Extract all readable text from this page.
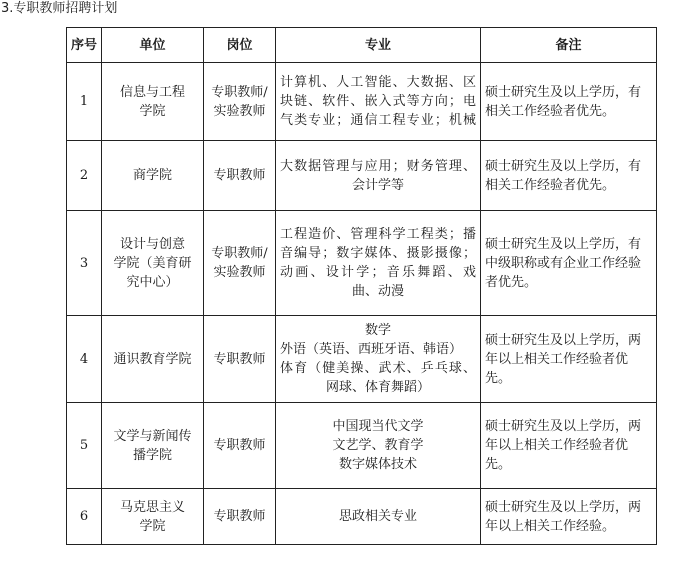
3.专职教师招聘计划
序号	单位	岗位	专业	备注
1	信息与工程
学院	专职教师/
实验教师	计算机、人工智能、大数据、区
块链、软件、嵌入式等方向；电
气类专业；通信工程专业；机械	硕士研究生及以上学历，有
相关工作经验者优先。

2	商学院	专职教师	大数据管理与应用；财务管理、
会计学等	硕士研究生及以上学历，有
相关工作经验者优先。

3	设计与创意
学院（美育研
究中心）	专职教师/
实验教师	工程造价、管理科学工程类；播
音编导；数字媒体、摄影摄像；
动画、设计学；音乐舞蹈、戏
曲、动漫	硕士研究生及以上学历，有
中级职称或有企业工作经验
者优先。

4	通识教育学院	专职教师	数学
外语（英语、西班牙语、韩语）
体育（健美操、武术、乒乓球、
网球、体育舞蹈）	硕士研究生及以上学历，两
年以上相关工作经验者优
先。

5	文学与新闻传
播学院	专职教师	中国现当代文学
文艺学、教育学
数字媒体技术	硕士研究生及以上学历，两
年以上相关工作经验者优
先。

6	马克思主义
学院	专职教师	思政相关专业	硕士研究生及以上学历，两
年以上相关工作经验。
